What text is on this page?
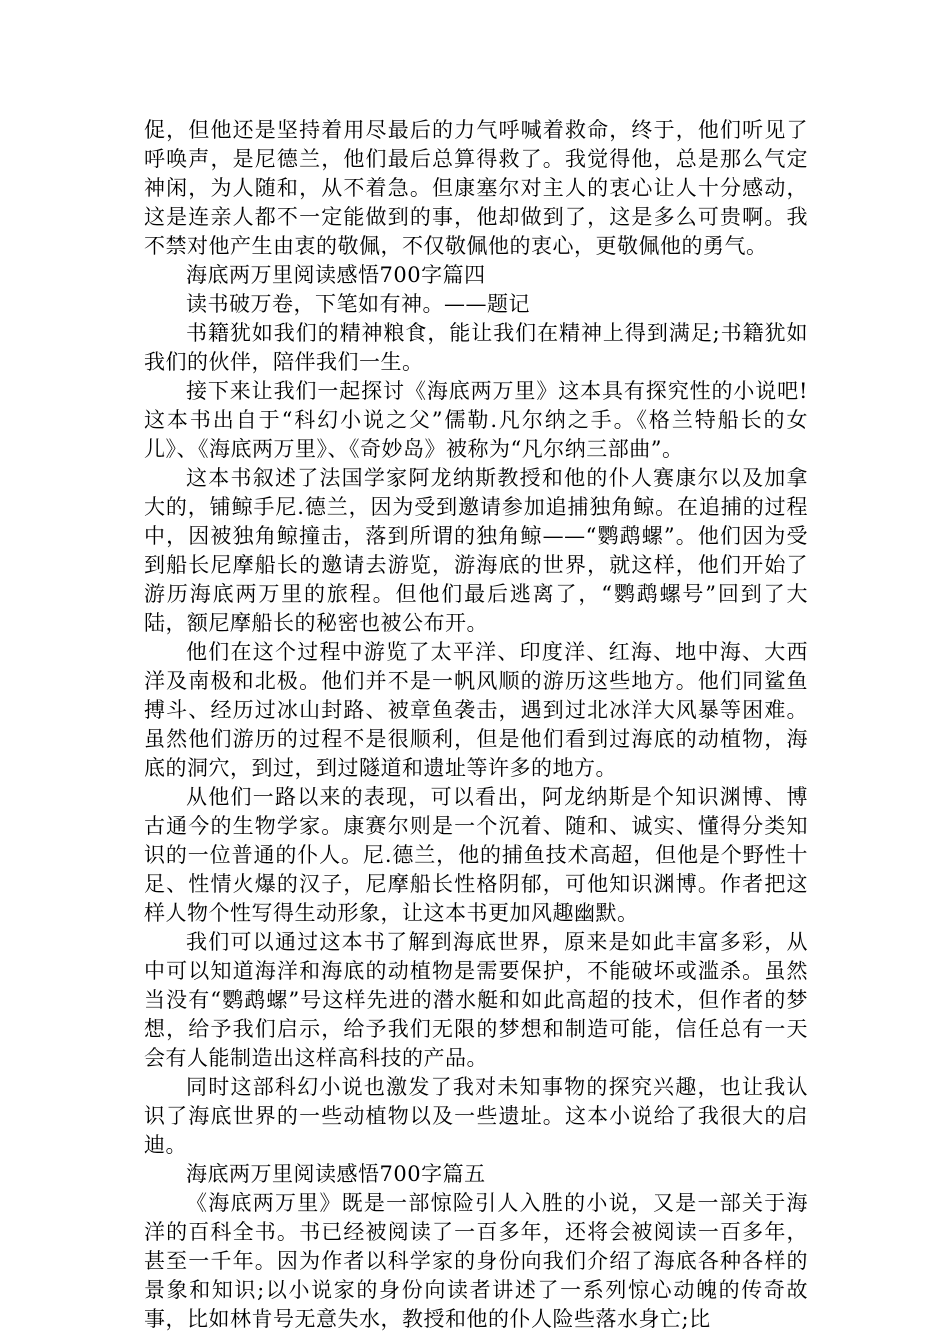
促，但他还是坚持着用尽最后的力气呼喊着救命，终于，他们听见了呼唤声，是尼德兰，他们最后总算得救了。我觉得他，总是那么气定神闲，为人随和，从不着急。但康塞尔对主人的衷心让人十分感动，这是连亲人都不一定能做到的事，他却做到了，这是多么可贵啊。我不禁对他产生由衷的敬佩，不仅敬佩他的衷心，更敬佩他的勇气。

海底两万里阅读感悟700字篇四

读书破万卷，下笔如有神。——题记

书籍犹如我们的精神粮食，能让我们在精神上得到满足;书籍犹如我们的伙伴，陪伴我们一生。

接下来让我们一起探讨《海底两万里》这本具有探究性的小说吧!这本书出自于“科幻小说之父”儒勒.凡尔纳之手。《格兰特船长的女儿》、《海底两万里》、《奇妙岛》被称为“凡尔纳三部曲”。

这本书叙述了法国学家阿龙纳斯教授和他的仆人赛康尔以及加拿大的，铺鲸手尼.德兰，因为受到邀请参加追捕独角鲸。在追捕的过程中，因被独角鲸撞击，落到所谓的独角鲸——“鹦鹉螺”。他们因为受到船长尼摩船长的邀请去游览，游海底的世界，就这样，他们开始了游历海底两万里的旅程。但他们最后逃离了，“鹦鹉螺号”回到了大陆，额尼摩船长的秘密也被公布开。

他们在这个过程中游览了太平洋、印度洋、红海、地中海、大西洋及南极和北极。他们并不是一帆风顺的游历这些地方。他们同鲨鱼搏斗、经历过冰山封路、被章鱼袭击，遇到过北冰洋大风暴等困难。虽然他们游历的过程不是很顺利，但是他们看到过海底的动植物，海底的洞穴，到过，到过隧道和遗址等许多的地方。

从他们一路以来的表现，可以看出，阿龙纳斯是个知识渊博、博古通今的生物学家。康赛尔则是一个沉着、随和、诚实、懂得分类知识的一位普通的仆人。尼.德兰，他的捕鱼技术高超，但他是个野性十足、性情火爆的汉子，尼摩船长性格阴郁，可他知识渊博。作者把这样人物个性写得生动形象，让这本书更加风趣幽默。

我们可以通过这本书了解到海底世界，原来是如此丰富多彩，从中可以知道海洋和海底的动植物是需要保护，不能破坏或滥杀。虽然当没有“鹦鹉螺”号这样先进的潜水艇和如此高超的技术，但作者的梦想，给予我们启示，给予我们无限的梦想和制造可能，信任总有一天会有人能制造出这样高科技的产品。

同时这部科幻小说也激发了我对未知事物的探究兴趣，也让我认识了海底世界的一些动植物以及一些遗址。这本小说给了我很大的启迪。

海底两万里阅读感悟700字篇五

《海底两万里》既是一部惊险引人入胜的小说，又是一部关于海洋的百科全书。书已经被阅读了一百多年，还将会被阅读一百多年，甚至一千年。因为作者以科学家的身份向我们介绍了海底各种各样的景象和知识;以小说家的身份向读者讲述了一系列惊心动魄的传奇故事，比如林肯号无意失水，教授和他的仆人险些落水身亡;比
